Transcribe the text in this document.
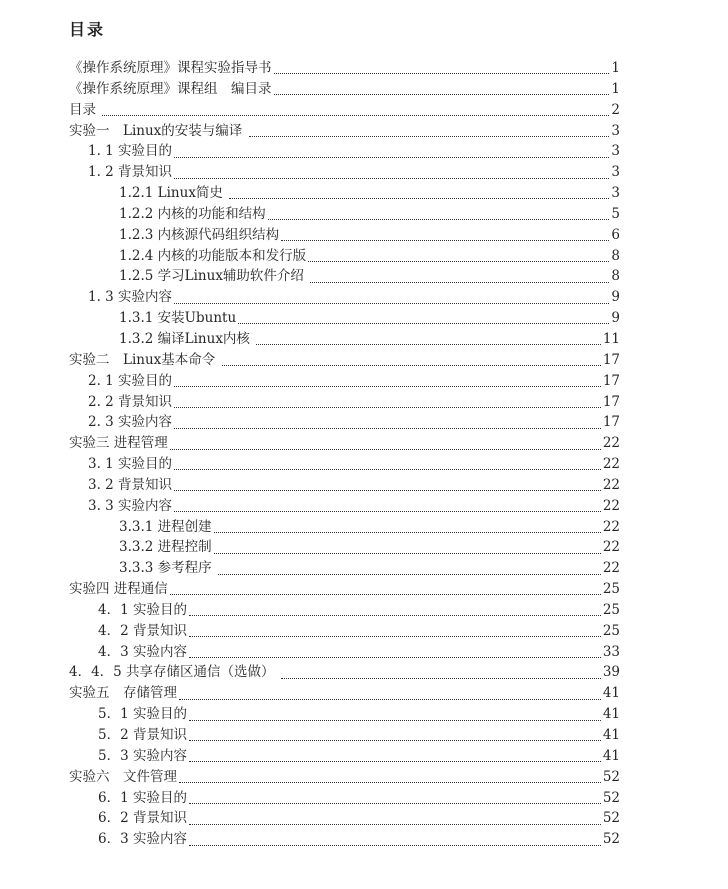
目录
《操作系统原理》课程实验指导书	1
《操作系统原理》课程组　编目录	1
目录	2
实验一　Linux的安装与编译	3
1. 1 实验目的	3
1. 2 背景知识	3
1.2.1 Linux简史	3
1.2.2 内核的功能和结构	5
1.2.3 内核源代码组织结构	6
1.2.4 内核的功能版本和发行版	8
1.2.5 学习Linux辅助软件介绍	8
1. 3 实验内容	9
1.3.1 安装Ubuntu	9
1.3.2 编译Linux内核	11
实验二　Linux基本命令	17
2. 1 实验目的	17
2. 2 背景知识	17
2. 3 实验内容	17
实验三 进程管理	22
3. 1 实验目的	22
3. 2 背景知识	22
3. 3 实验内容	22
3.3.1 进程创建	22
3.3.2 进程控制	22
3.3.3 参考程序	22
实验四 进程通信	25
4．1 实验目的	25
4．2 背景知识	25
4．3 实验内容	33
4．4．5 共享存储区通信（选做）	39
实验五　存储管理	41
5．1 实验目的	41
5．2 背景知识	41
5．3 实验内容	41
实验六　文件管理	52
6．1 实验目的	52
6．2 背景知识	52
6．3 实验内容	52
